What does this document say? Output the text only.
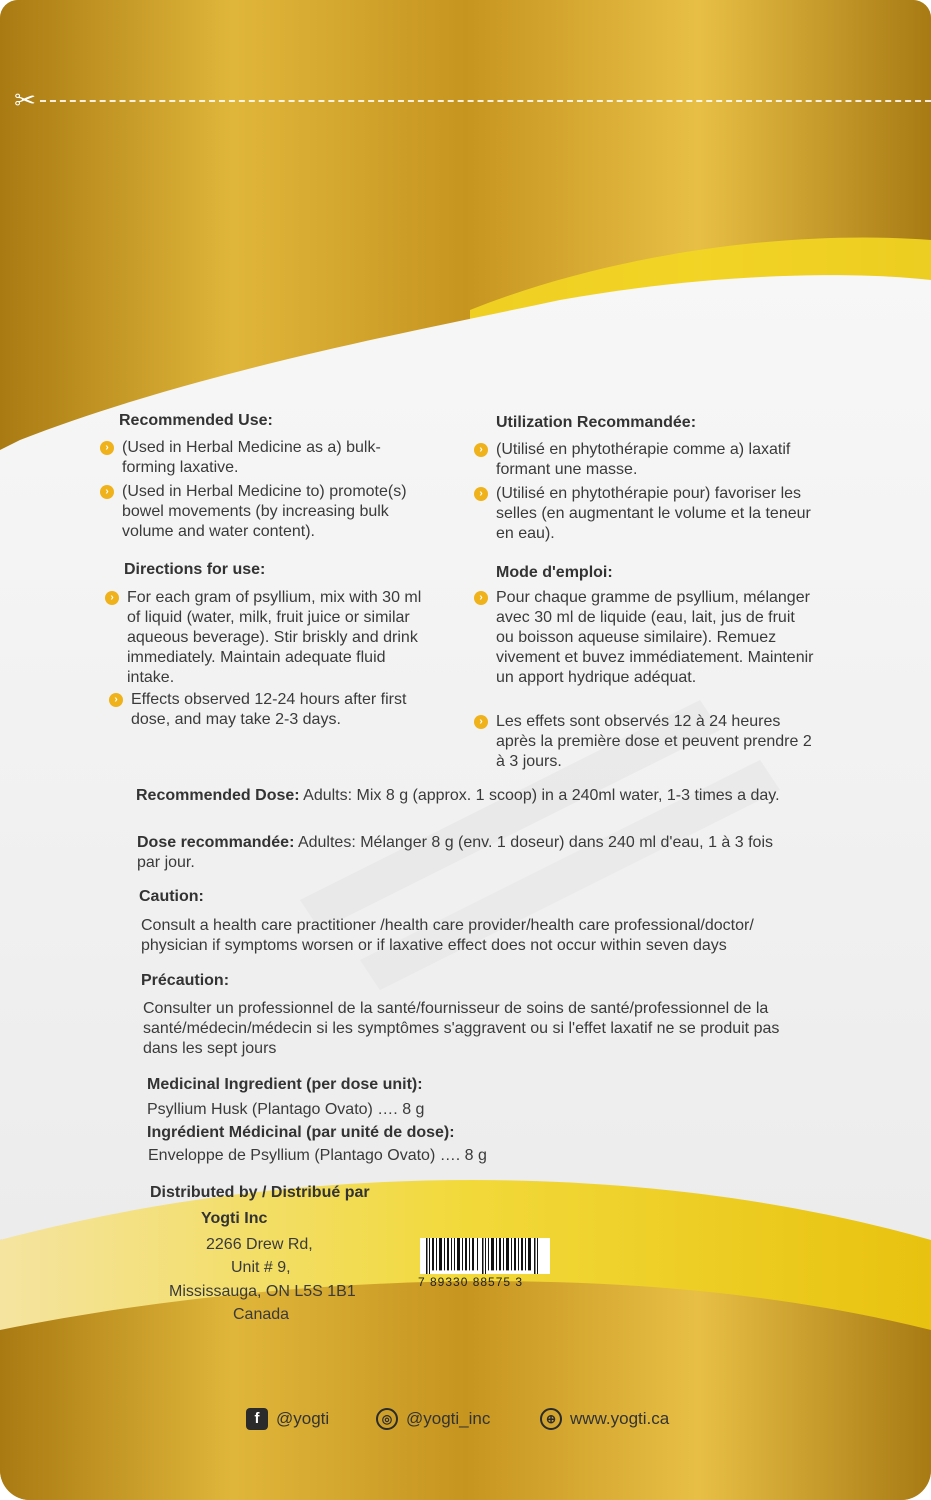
✂
Recommended Use:
› (Used in Herbal Medicine as a) bulk-forming laxative.
› (Used in Herbal Medicine to) promote(s) bowel movements (by increasing bulk volume and water content).
Utilization Recommandée:
› (Utilisé en phytothérapie comme a) laxatif formant une masse.
› (Utilisé en phytothérapie pour) favoriser les selles (en augmentant le volume et la teneur en eau).
Directions for use:
› For each gram of psyllium, mix with 30 ml of liquid (water, milk, fruit juice or similar aqueous beverage). Stir briskly and drink immediately. Maintain adequate fluid intake.
› Effects observed 12-24 hours after first dose, and may take 2-3 days.
Mode d'emploi:
› Pour chaque gramme de psyllium, mélanger avec 30 ml de liquide (eau, lait, jus de fruit ou boisson aqueuse similaire). Remuez vivement et buvez immédiatement. Maintenir un apport hydrique adéquat.
› Les effets sont observés 12 à 24 heures après la première dose et peuvent prendre 2 à 3 jours.
Recommended Dose: Adults: Mix 8 g (approx. 1 scoop) in a 240ml water, 1-3 times a day.
Dose recommandée: Adultes: Mélanger 8 g (env. 1 doseur) dans 240 ml d'eau, 1 à 3 fois par jour.
Caution:
Consult a health care practitioner /health care provider/health care professional/doctor/ physician if symptoms worsen or if laxative effect does not occur within seven days
Précaution:
Consulter un professionnel de la santé/fournisseur de soins de santé/professionnel de la santé/médecin/médecin si les symptômes s'aggravent ou si l'effet laxatif ne se produit pas dans les sept jours
Medicinal Ingredient (per dose unit):
Psyllium Husk (Plantago Ovato) …. 8 g
Ingrédient Médicinal (par unité de dose):
Enveloppe de Psyllium (Plantago Ovato) …. 8 g
Distributed by / Distribué par
Yogti Inc
2266 Drew Rd,
Unit # 9,
Mississauga, ON L5S 1B1
Canada
7 89330 88575 3
f @yogti	◎ @yogti_inc	⊕ www.yogti.ca
